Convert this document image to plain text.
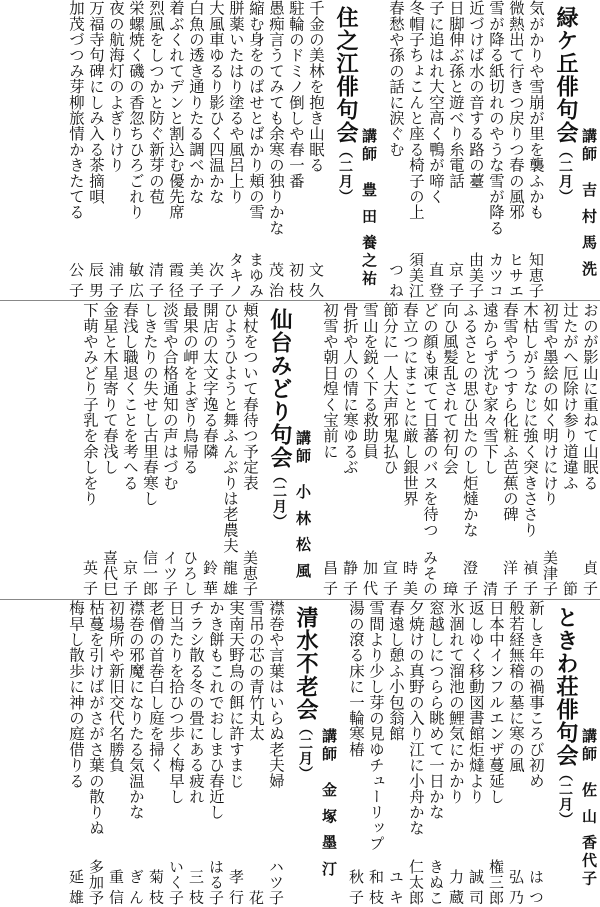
緑ケ丘俳句会（二月） 講師　吉 村 馬 洗
気がかりや雪崩が里を襲ふかも
知恵子
微熱出て行きつ戻りつ春の風邪
ヒサエ
雪が降る紙切れのやうな雪が降る
カツコ
近づけば水の音する路の薹
由美子
日脚伸ぶ孫と遊べり糸電話
京 子
子に追はれ大空高く鴨が啼く
直 登
冬帽子ちょこんと座る椅子の上
須美江
春愁や孫の話に涙ぐむ
つ ね
住之江俳句会（二月） 講師　豊 田 養之祐
千金の美林を抱き山眠る
文 久
駐輪のドミノ倒しや春一番
初 枝
愚痴言うてみても余寒の独りかな
茂 治
縮む身をのばせとばかり頬の雪
まゆみ
胼薬いたはり塗るや風呂上り
タキノ
大風車ゆるり影ひく四温かな
次 子
白魚の透き通りたる調べかな
美 子
着ぶくれてデンと割込む優先席
霞 径
烈風をしつかと防ぐ新芽の苞
清 子
栄螺焼く磯の香忽ちひろごれり
敏 広
夜の航海灯のよぎりけり
浦 子
万福寺句碑にしみ入る茶摘唄
辰 男
加茂づつみ芽柳旅情かきたてる
公 子
おのが影山に重ねて山眠る
貞 子
辻たがへ厄除け参り道違ふ
節
初雪や墨絵の如く明けにけり
美津子
木枯しがうなじに強く突きささり
禎 子
春雪やうつすら化粧ふ芭蕉の碑
洋 子
遠からず沈む家々雪下し
清
ふるさとの思ひ出たのし炬燵かな
澄 子
向ひ風髪乱されて初句会
璋
どの顔も凍てて日蕃のバスを待つ
みその
春立つにまことに厳し銀世界
時 美
節分に一人大声邪鬼払ひ
宣 子
雪山を鋭く下る救助員
加 代
骨折や人の情に寒ゆるぶ
静 子
初雪や朝日煌く宝前に
昌 子
仙台みどり句会（二月）
講師　小 林 松 風
頬杖をついて春待つ予定表
美恵子
ひようひようと舞ふんぶりは老農夫
龍 雄
開店の太文字逸る春隣
鈴 華
最果の岬をよぎり鳥帰る
ひろし
淡雪や合格通知の声はづむ
イツ子
しきたりの失せし古里春寒し
信一郎
春浅し職退くことを考へる
京 子
金星と木星寄りて春浅し
喜代巳
下萌やみどり子乳を余しをり
英 子
ときわ荘俳句会（二月）
講師　佐 山 香代子
新しき年の禍事ころび初め
は つ
般若経無稽の墓に寒の風
弘 乃
日本中インフルエンザ蔓延し
権三郎
返しゆく移動図書館炬燵より
誠 司
氷涸れて溜池の鯉気にかかり
力 蔵
窓越しにつらら眺めて一日かな
きぬこ
夕焼けの真野の入り江に小舟かな
仁太郎
春遠し憩ふ小包翁館
ユ キ
雪間より少し芽の見ゆチューリップ
和 枝
湯の滾る床に一輪寒椿
秋 子
清水不老会（二月） 講師　金 塚 墨 汀
襟巻や言葉はいらぬ老夫婦
ハツ子
雪吊の芯の青竹丸太
花
実南天野鳥の餌に許すまじ
孝 行
かき餅もこれでおしまひ春近し
はる子
チラシ散る冬の畳にある疲れ
三 枝
日当たりを拾ひつ歩く梅早し
いく子
老僧の首巻白し庭を掃く
菊 枝
襟巻の邪魔になりたる気温かな
ぎ ん
初場所や新旧交代名勝負
重 信
枯蔓を引けばがさがさ葉の散りぬ
多加予
梅早し散歩に神の庭借りる
延 雄
